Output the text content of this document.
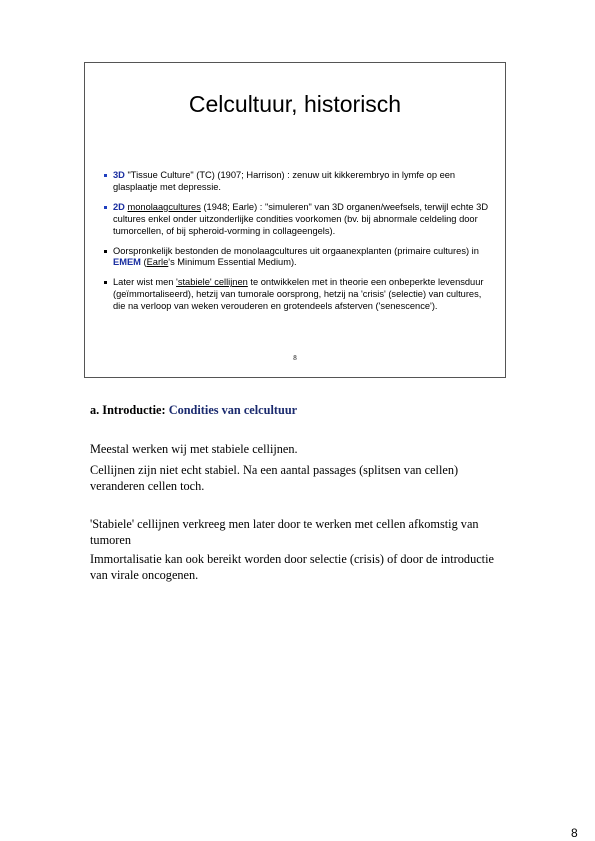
Celcultuur, historisch
3D "Tissue Culture" (TC) (1907; Harrison) : zenuw uit kikkerembryo in lymfe op een glasplaatje met depressie.
2D monolaagcultures (1948; Earle) : "simuleren" van 3D organen/weefsels, terwijl echte 3D cultures enkel onder uitzonderlijke condities voorkomen (bv. bij abnormale celdeling door tumorcellen, of bij spheroid-vorming in collageengels).
Oorspronkelijk bestonden de monolaagcultures uit orgaanexplanten (primaire cultures) in EMEM (Earle's Minimum Essential Medium).
Later wist men 'stabiele' cellijnen te ontwikkelen met in theorie een onbeperkte levensduur (geïmmortaliseerd), hetzij van tumorale oorsprong, hetzij na 'crisis' (selectie) van cultures, die na verloop van weken verouderen en grotendeels afsterven ('senescence').
8
a. Introductie: Condities van celcultuur

Meestal werken wij met stabiele cellijnen.

Cellijnen zijn niet echt stabiel. Na een aantal passages (splitsen van cellen) veranderen cellen toch.

'Stabiele' cellijnen verkreeg men later door te werken met cellen afkomstig van tumoren

Immortalisatie kan ook bereikt worden door selectie (crisis) of door de introductie van virale oncogenen.

8
